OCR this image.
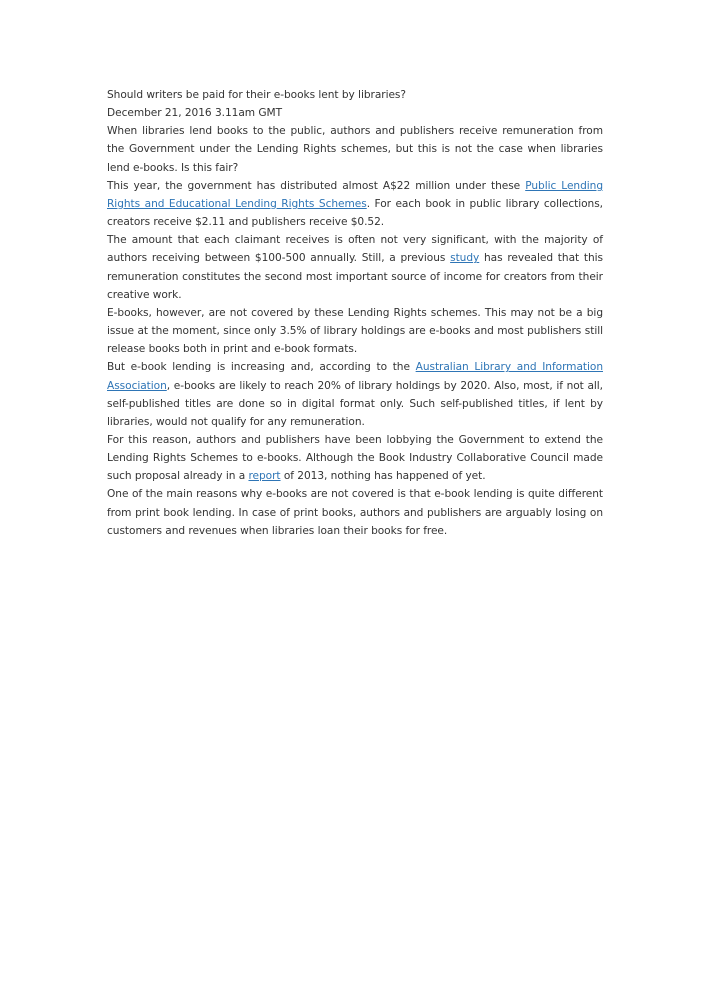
Should writers be paid for their e-books lent by libraries?

December 21, 2016 3.11am GMT

When libraries lend books to the public, authors and publishers receive remuneration from the Government under the Lending Rights schemes, but this is not the case when libraries lend e-books. Is this fair?

This year, the government has distributed almost A$22 million under these Public Lending Rights and Educational Lending Rights Schemes. For each book in public library collections, creators receive $2.11 and publishers receive $0.52.

The amount that each claimant receives is often not very significant, with the majority of authors receiving between $100-500 annually. Still, a previous study has revealed that this remuneration constitutes the second most important source of income for creators from their creative work.

E-books, however, are not covered by these Lending Rights schemes. This may not be a big issue at the moment, since only 3.5% of library holdings are e-books and most publishers still release books both in print and e-book formats.

But e-book lending is increasing and, according to the Australian Library and Information Association, e-books are likely to reach 20% of library holdings by 2020. Also, most, if not all, self-published titles are done so in digital format only. Such self-published titles, if lent by libraries, would not qualify for any remuneration.

For this reason, authors and publishers have been lobbying the Government to extend the Lending Rights Schemes to e-books. Although the Book Industry Collaborative Council made such proposal already in a report of 2013, nothing has happened of yet.

One of the main reasons why e-books are not covered is that e-book lending is quite different from print book lending. In case of print books, authors and publishers are arguably losing on customers and revenues when libraries loan their books for free.
